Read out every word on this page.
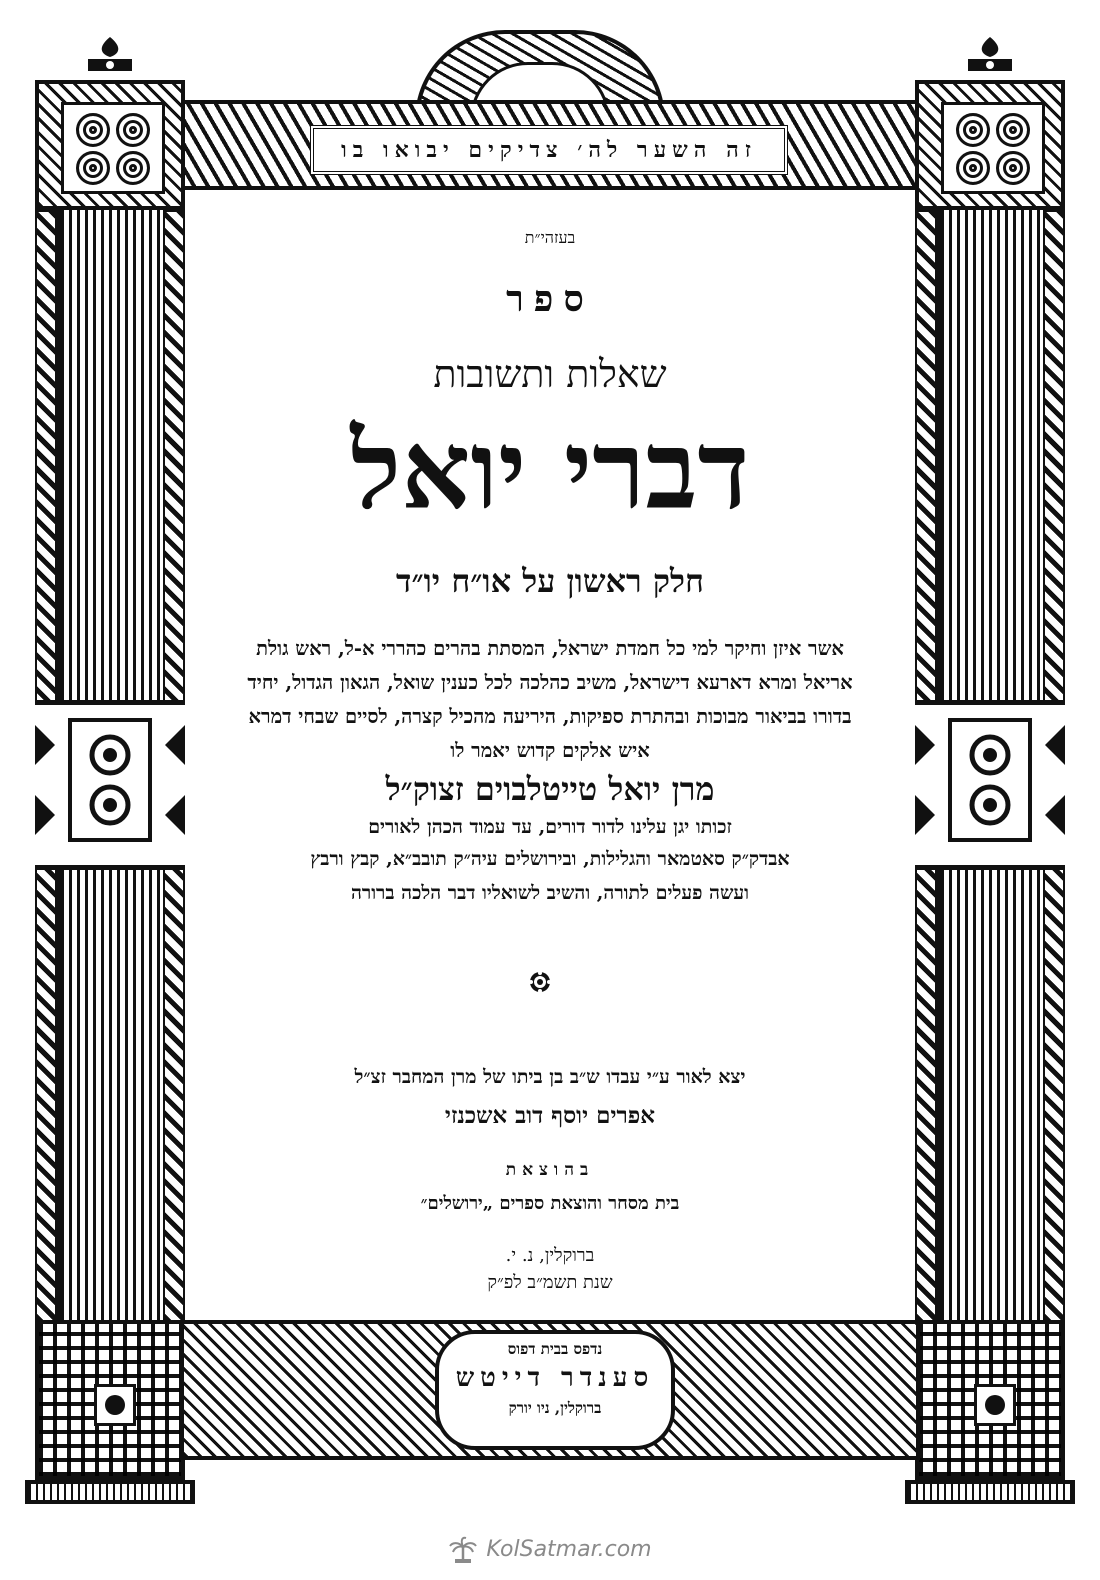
זה השער לה׳ צדיקים יבואו בו
בעזהי״ת
ספר
שאלות ותשובות
דברי יואל
חלק ראשון על או״ח יו״ד

אשר איזן וחיקר למי כל חמדת ישראל, המסתת בהרים כהררי א-ל, ראש גולת

אריאל ומרא דארעא דישראל, משיב כהלכה לכל כענין שואל, הגאון הגדול, יחיד

בדורו בביאור מבוכות ובהתרת ספיקות, היריעה מהכיל קצרה, לסיים שבחי דמרא

איש אלקים קדוש יאמר לו

מרן יואל טייטלבוים זצוק״ל
זכותו יגן עלינו לדור דורים, עד עמוד הכהן לאורים
אבדק״ק סאטמאר והגלילות, ובירושלים עיה״ק תובב״א, קבץ ורבץ
ועשה פעלים לתורה, והשיב לשואליו דבר הלכה ברורה
יצא לאור ע״י עבדו ש״ב בן ביתו של מרן המחבר זצ״ל
אפרים יוסף דוב אשכנזי
בהוצאת
בית מסחר והוצאת ספרים „ירושלים״
ברוקלין, נ. י.
שנת תשמ״ב לפ״ק
נדפס בבית דפוס
סענדר דייטש
ברוקלין, ניו יורק
KolSatmar.com
